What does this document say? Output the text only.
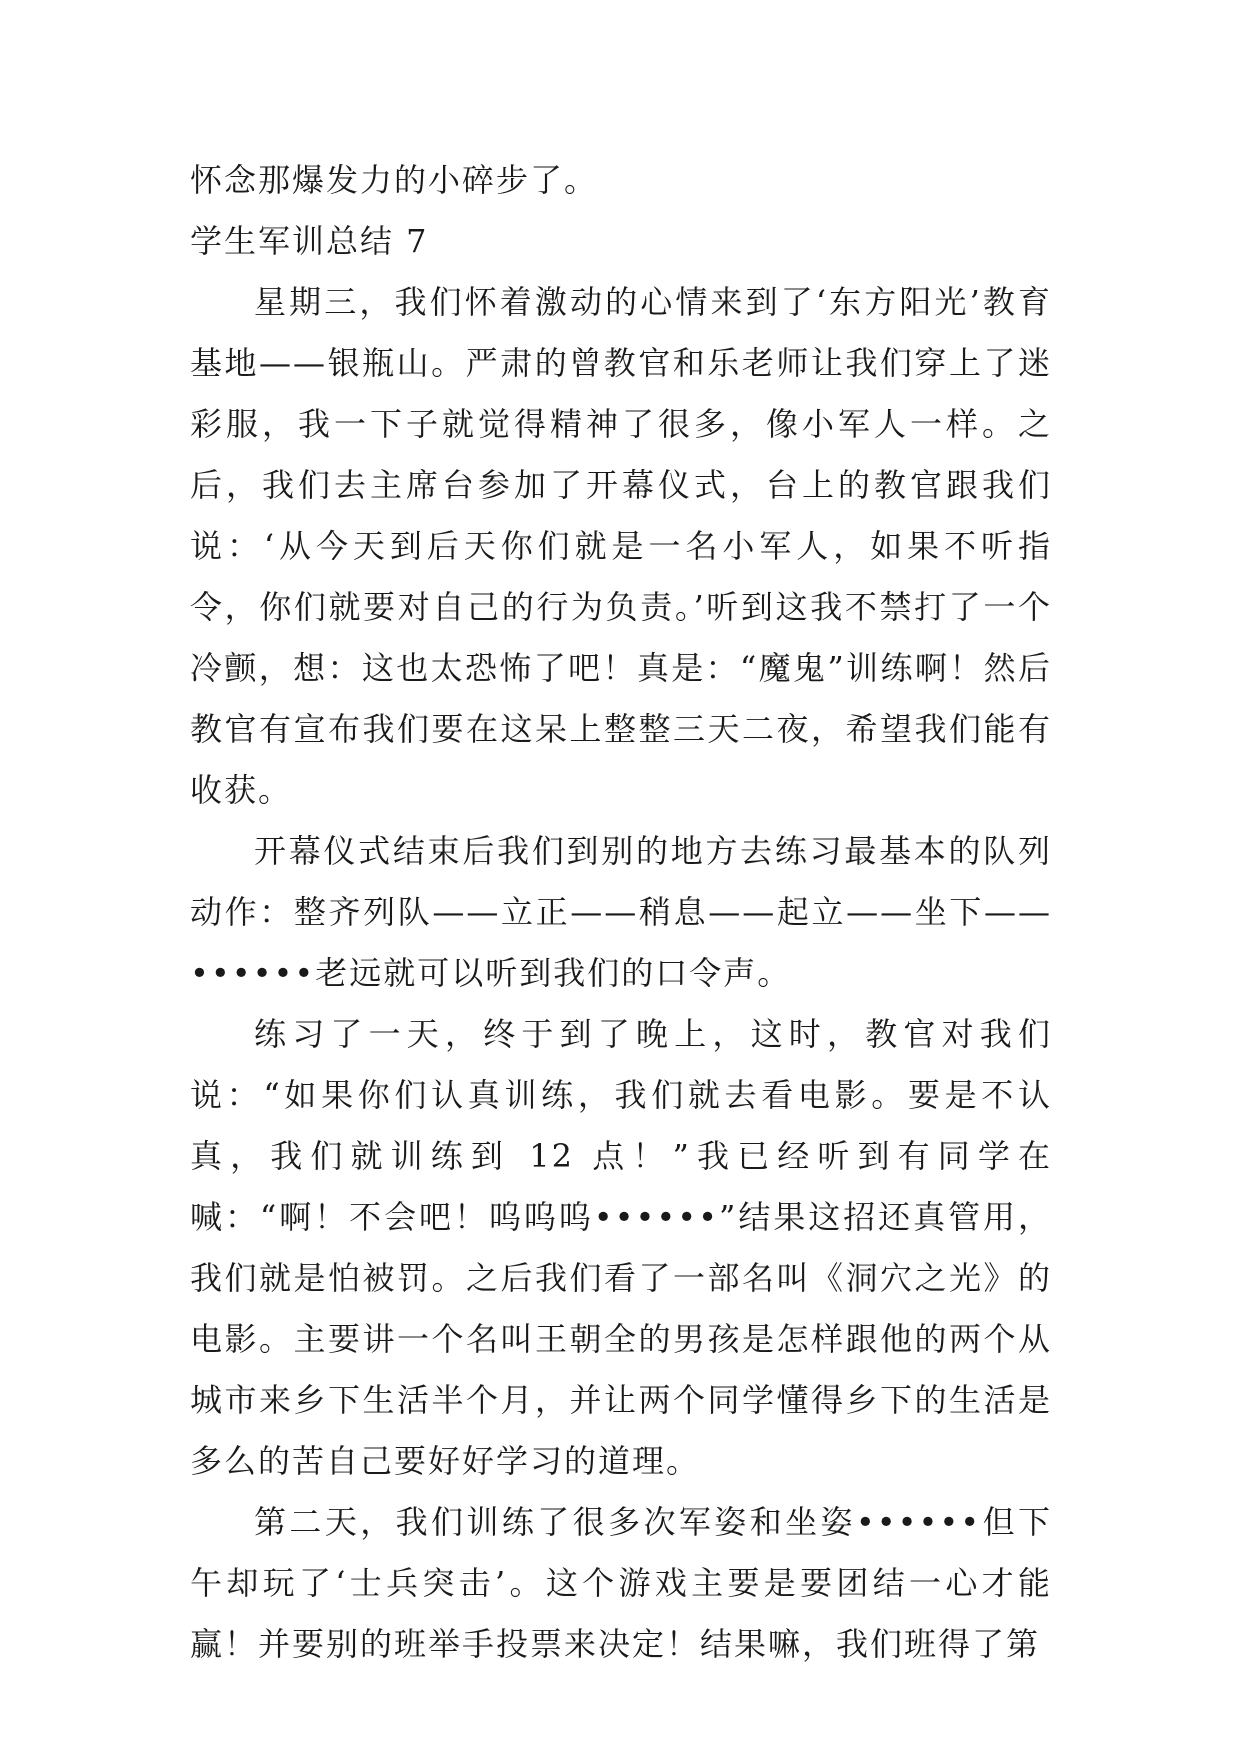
怀念那爆发力的小碎步了。

学生军训总结 7

星期三，我们怀着激动的心情来到了‘东方阳光’教育基地——银瓶山。严肃的曾教官和乐老师让我们穿上了迷彩服，我一下子就觉得精神了很多，像小军人一样。之后，我们去主席台参加了开幕仪式，台上的教官跟我们说：‘从今天到后天你们就是一名小军人，如果不听指令，你们就要对自己的行为负责。’听到这我不禁打了一个冷颤，想：这也太恐怖了吧！真是：“魔鬼”训练啊！然后教官有宣布我们要在这呆上整整三天二夜，希望我们能有收获。

开幕仪式结束后我们到别的地方去练习最基本的队列动作：整齐列队——立正——稍息——起立——坐下——••••••老远就可以听到我们的口令声。

练习了一天，终于到了晚上，这时，教官对我们说：“如果你们认真训练，我们就去看电影。要是不认真，我们就训练到 12 点！”我已经听到有同学在喊：“啊！不会吧！呜呜呜••••••”结果这招还真管用，我们就是怕被罚。之后我们看了一部名叫《洞穴之光》的电影。主要讲一个名叫王朝全的男孩是怎样跟他的两个从城市来乡下生活半个月，并让两个同学懂得乡下的生活是多么的苦自己要好好学习的道理。

第二天，我们训练了很多次军姿和坐姿••••••但下午却玩了‘士兵突击’。这个游戏主要是要团结一心才能赢！并要别的班举手投票来决定！结果嘛，我们班得了第
